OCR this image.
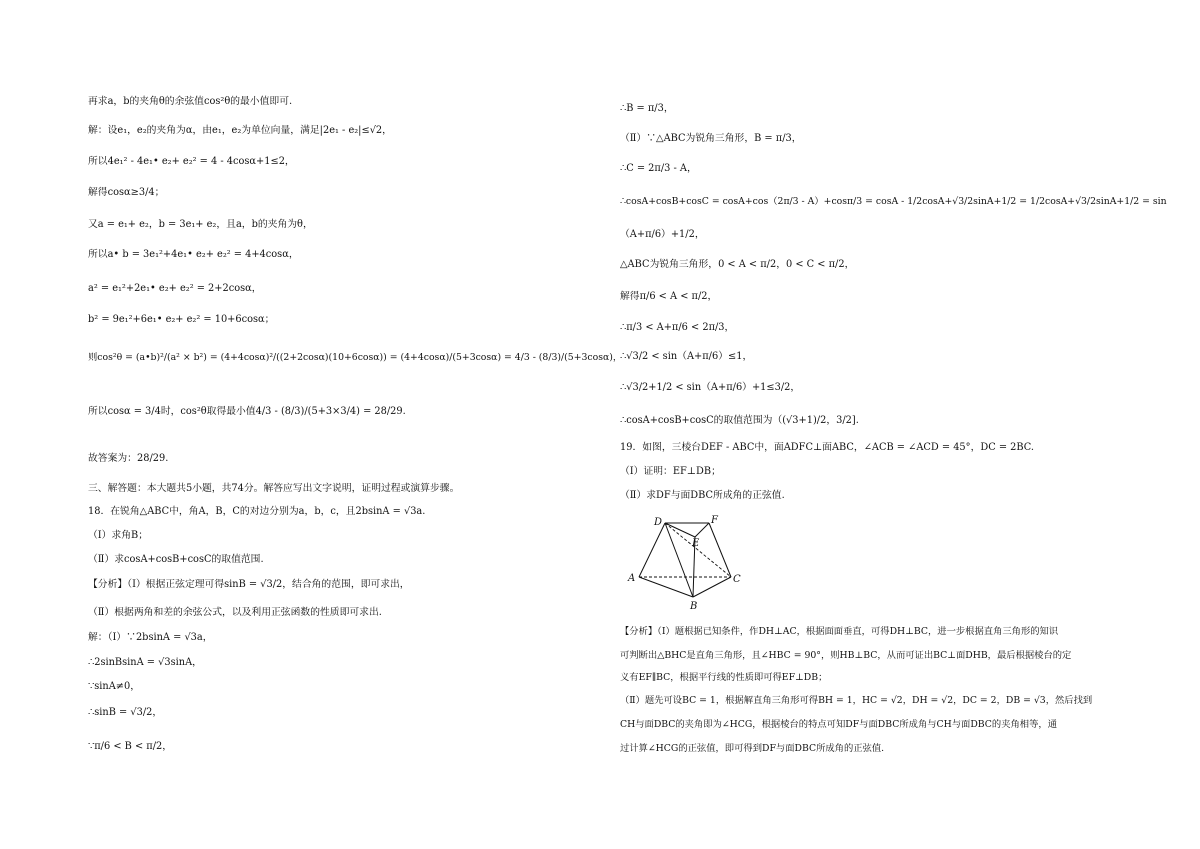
再求a，b的夹角θ的余弦值cos²θ的最小值即可.
解：设e₁，e₂的夹角为α，由e₁，e₂为单位向量，满足|2e₁ - e₂|≤√2，
所以4e₁² - 4e₁• e₂+ e₂² = 4 - 4cosα+1≤2，
解得cosα≥3/4；
又a = e₁+ e₂，b = 3e₁+ e₂，且a，b的夹角为θ，
所以a• b = 3e₁²+4e₁• e₂+ e₂² = 4+4cosα，
a² = e₁²+2e₁• e₂+ e₂² = 2+2cosα，
b² = 9e₁²+6e₁• e₂+ e₂² = 10+6cosα；
则cos²θ = (a•b)²/(a² × b²) = (4+4cosα)²/((2+2cosα)(10+6cosα)) = (4+4cosα)/(5+3cosα) = 4/3 - (8/3)/(5+3cosα)，
所以cosα = 3/4时，cos²θ取得最小值4/3 - (8/3)/(5+3×3/4) = 28/29.
故答案为：28/29.
三、解答题：本大题共5小题，共74分。解答应写出文字说明，证明过程或演算步骤。
18．在锐角△ABC中，角A，B，C的对边分别为a，b，c，且2bsinA = √3a.
（Ⅰ）求角B；
（Ⅱ）求cosA+cosB+cosC的取值范围.
【分析】（Ⅰ）根据正弦定理可得sinB = √3/2，结合角的范围，即可求出，
（Ⅱ）根据两角和差的余弦公式，以及利用正弦函数的性质即可求出.
解：（Ⅰ）∵2bsinA = √3a，
∴2sinBsinA = √3sinA，
∵sinA≠0，
∴sinB = √3/2，
∵π/6 < B < π/2，
∴B = π/3，
（Ⅱ）∵△ABC为锐角三角形，B = π/3，
∴C = 2π/3 - A，
∴cosA+cosB+cosC = cosA+cos（2π/3 - A）+cosπ/3 = cosA - 1/2cosA+√3/2sinA+1/2 = 1/2cosA+√3/2sinA+1/2 = sin
（A+π/6）+1/2，
△ABC为锐角三角形，0 < A < π/2，0 < C < π/2，
解得π/6 < A < π/2，
∴π/3 < A+π/6 < 2π/3，
∴√3/2 < sin（A+π/6）≤1，
∴√3/2+1/2 < sin（A+π/6）+1≤3/2，
∴cosA+cosB+cosC的取值范围为（(√3+1)/2，3/2].
19．如图，三棱台DEF - ABC中，面ADFC⊥面ABC，∠ACB = ∠ACD = 45°，DC = 2BC.
（Ⅰ）证明：EF⊥DB；
（Ⅱ）求DF与面DBC所成角的正弦值.
【分析】（Ⅰ）题根据已知条件，作DH⊥AC，根据面面垂直，可得DH⊥BC，进一步根据直角三角形的知识
可判断出△BHC是直角三角形，且∠HBC = 90°，则HB⊥BC，从而可证出BC⊥面DHB，最后根据棱台的定
义有EF∥BC，根据平行线的性质即可得EF⊥DB；
（Ⅱ）题先可设BC = 1，根据解直角三角形可得BH = 1，HC = √2，DH = √2，DC = 2，DB = √3，然后找到
CH与面DBC的夹角即为∠HCG，根据棱台的特点可知DF与面DBC所成角与CH与面DBC的夹角相等，通
过计算∠HCG的正弦值，即可得到DF与面DBC所成角的正弦值.
D	F
E
A	C
B
